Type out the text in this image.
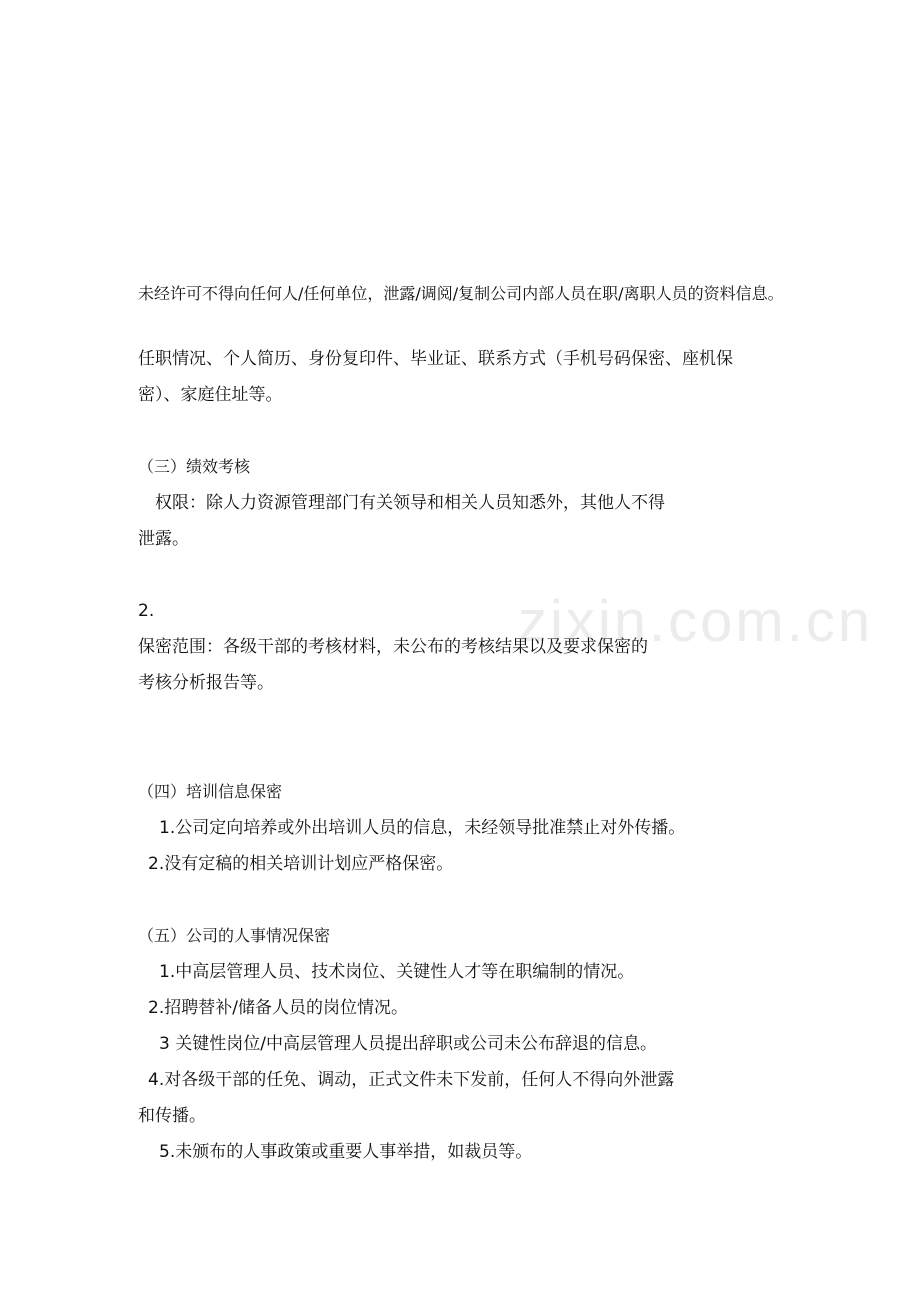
zixin.com.cn
未经许可不得向任何人/任何单位，泄露/调阅/复制公司内部人员在职/离职人员的资料信息。
任职情况、个人简历、身份复印件、毕业证、联系方式（手机号码保密、座机保
密）、家庭住址等。
（三）绩效考核
权限：除人力资源管理部门有关领导和相关人员知悉外，其他人不得
泄露。
2.
保密范围：各级干部的考核材料，未公布的考核结果以及要求保密的
考核分析报告等。
（四）培训信息保密
1.公司定向培养或外出培训人员的信息，未经领导批准禁止对外传播。
2.没有定稿的相关培训计划应严格保密。
（五）公司的人事情况保密
1.中高层管理人员、技术岗位、关键性人才等在职编制的情况。
2.招聘替补/储备人员的岗位情况。
3 关键性岗位/中高层管理人员提出辞职或公司未公布辞退的信息。
4.对各级干部的任免、调动，正式文件未下发前，任何人不得向外泄露
和传播。
5.未颁布的人事政策或重要人事举措，如裁员等。
